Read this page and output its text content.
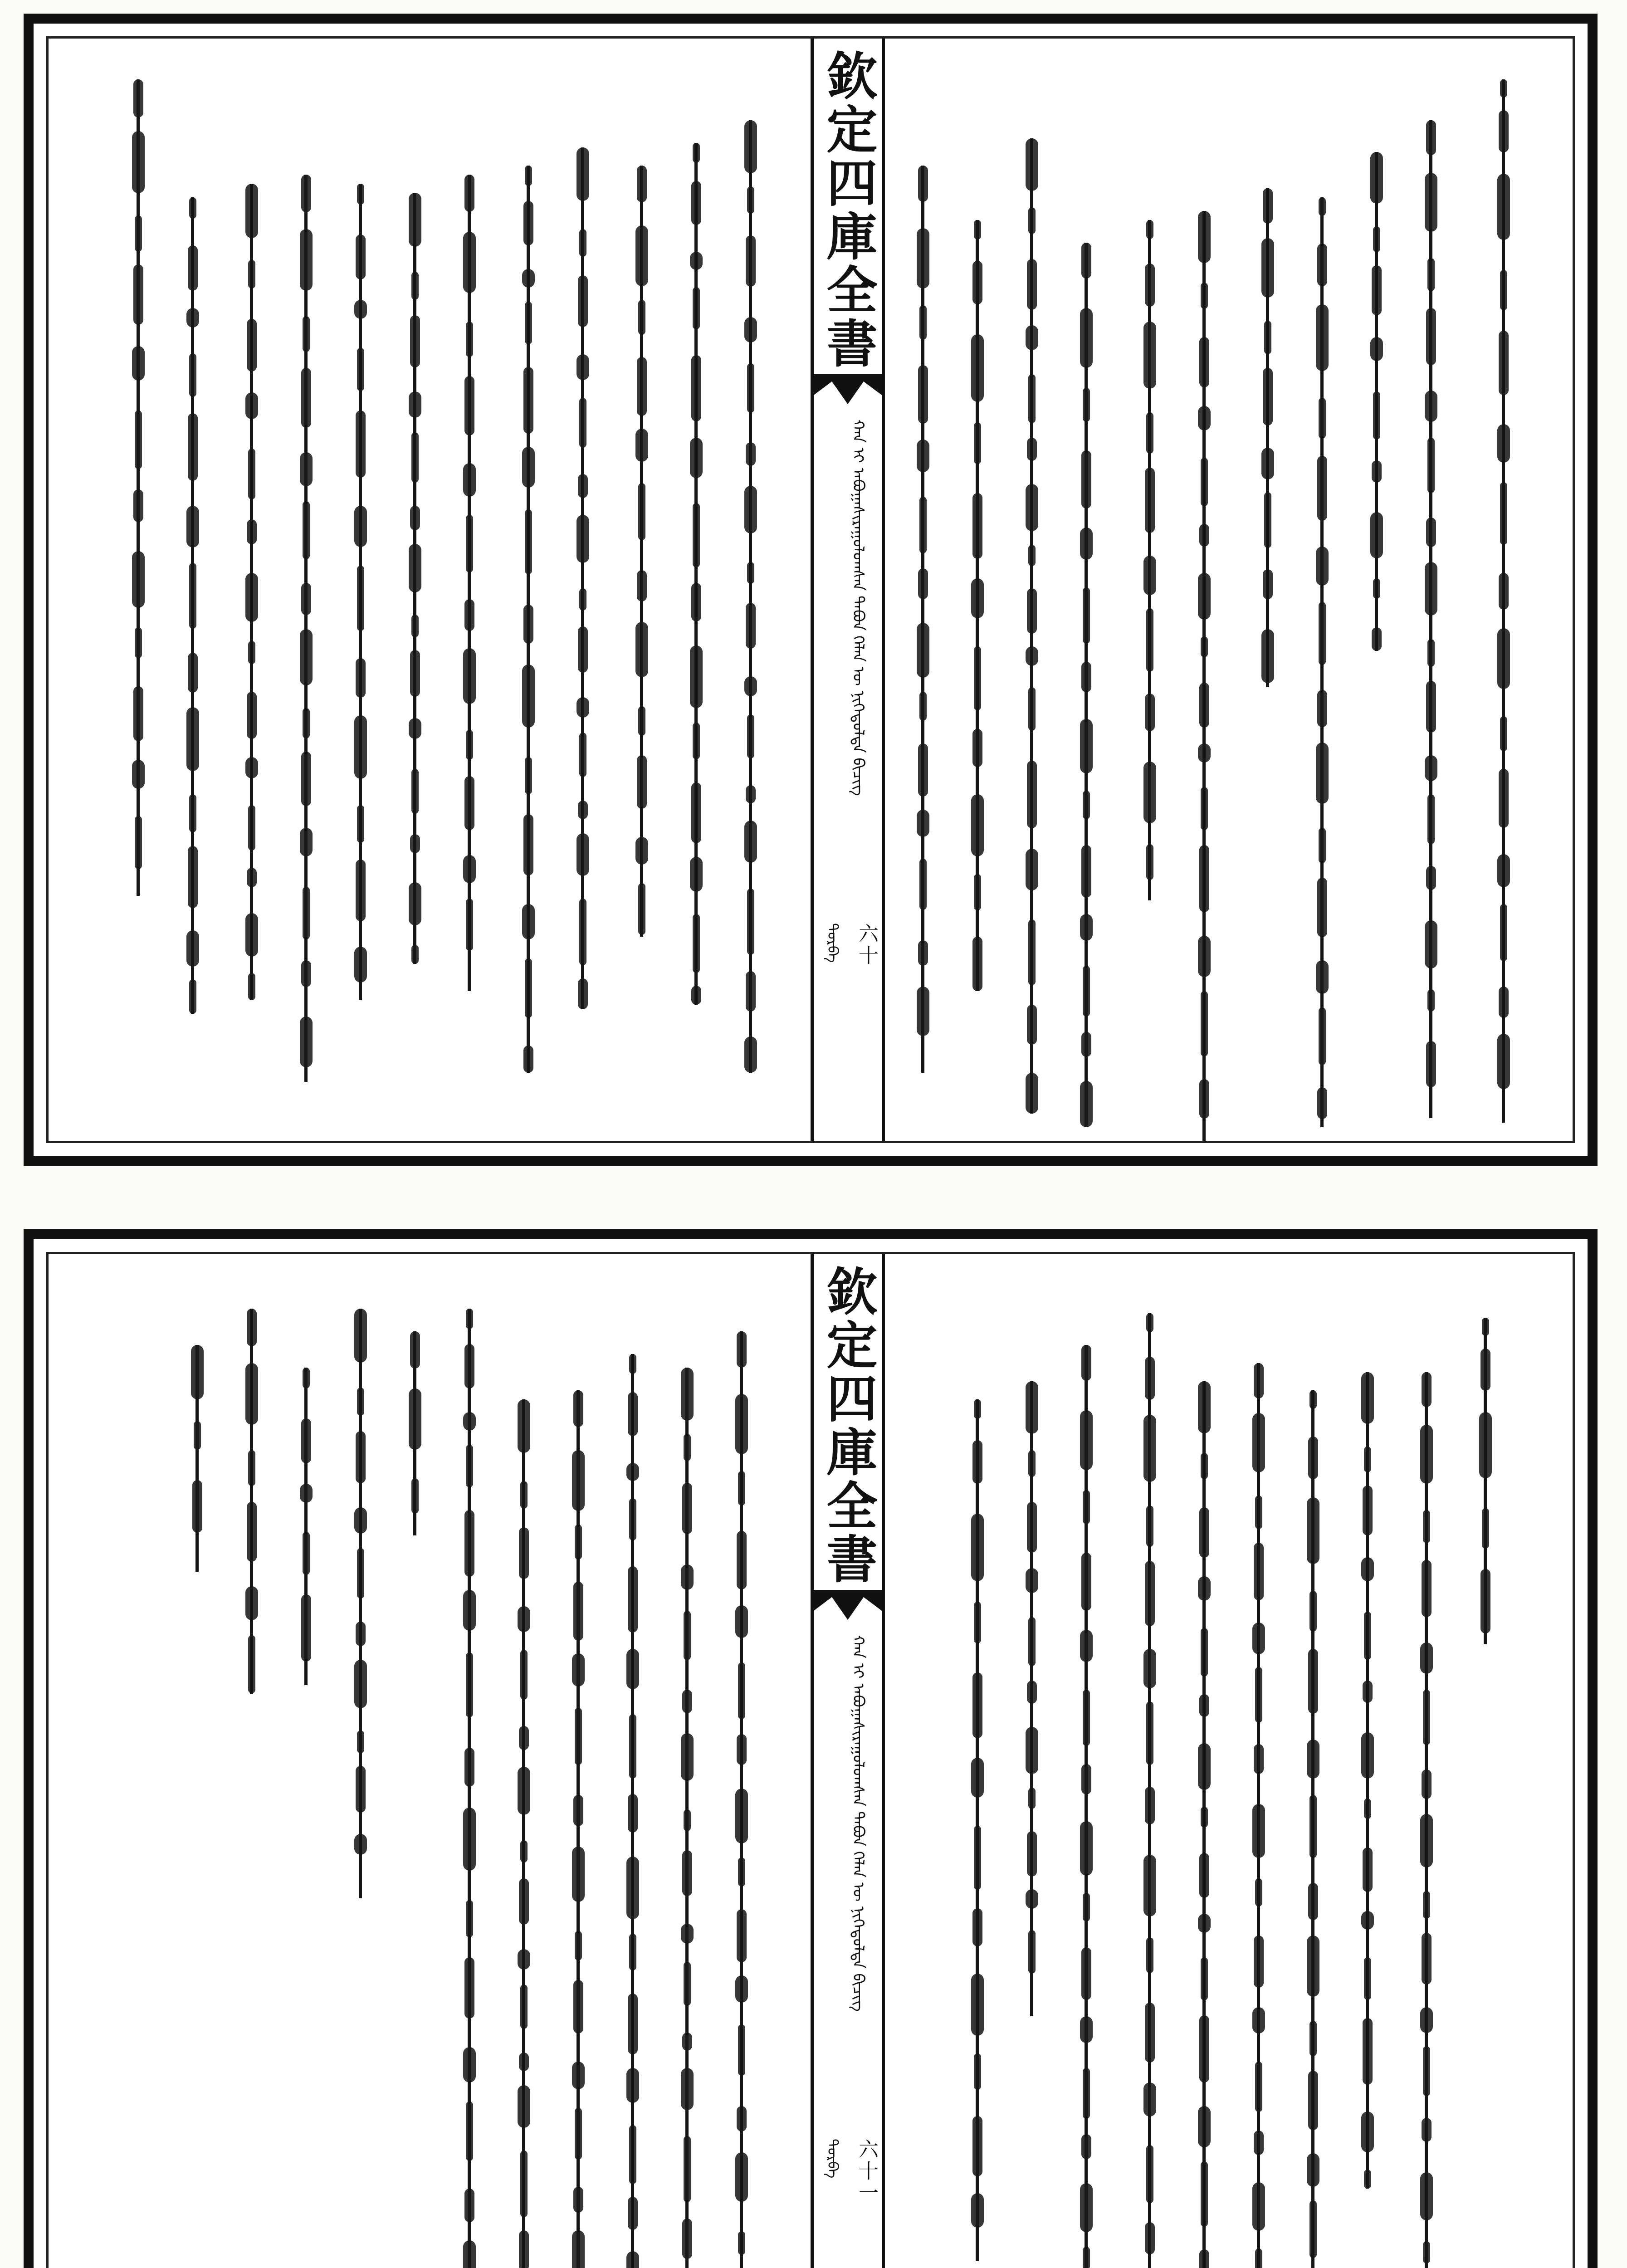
欽定四庫全書
ᠬᠠᠨ ᠢ ᠠᠪᠤᠭᠠᠰᠢᠷᠠᠭᠤᠯᠤᠭᠰᠠᠨ ᠲᠠᠪᠤᠨ ᠬᠡᠯᠡᠨ ᠦ ᠨᠢᠭᠡᠳᠦᠯᠲᠡ ᠪᠢᠴᠢᠭ
ᠳᠣᠷᠪᠡ 六十
欽定四庫全書
ᠬᠠᠨ ᠢ ᠠᠪᠤᠭᠠᠰᠢᠷᠠᠭᠤᠯᠤᠭᠰᠠᠨ ᠲᠠᠪᠤᠨ ᠬᠡᠯᠡᠨ ᠦ ᠨᠢᠭᠡᠳᠦᠯᠲᠡ ᠪᠢᠴᠢᠭ
ᠳᠣᠷᠪᠡ 六十一
